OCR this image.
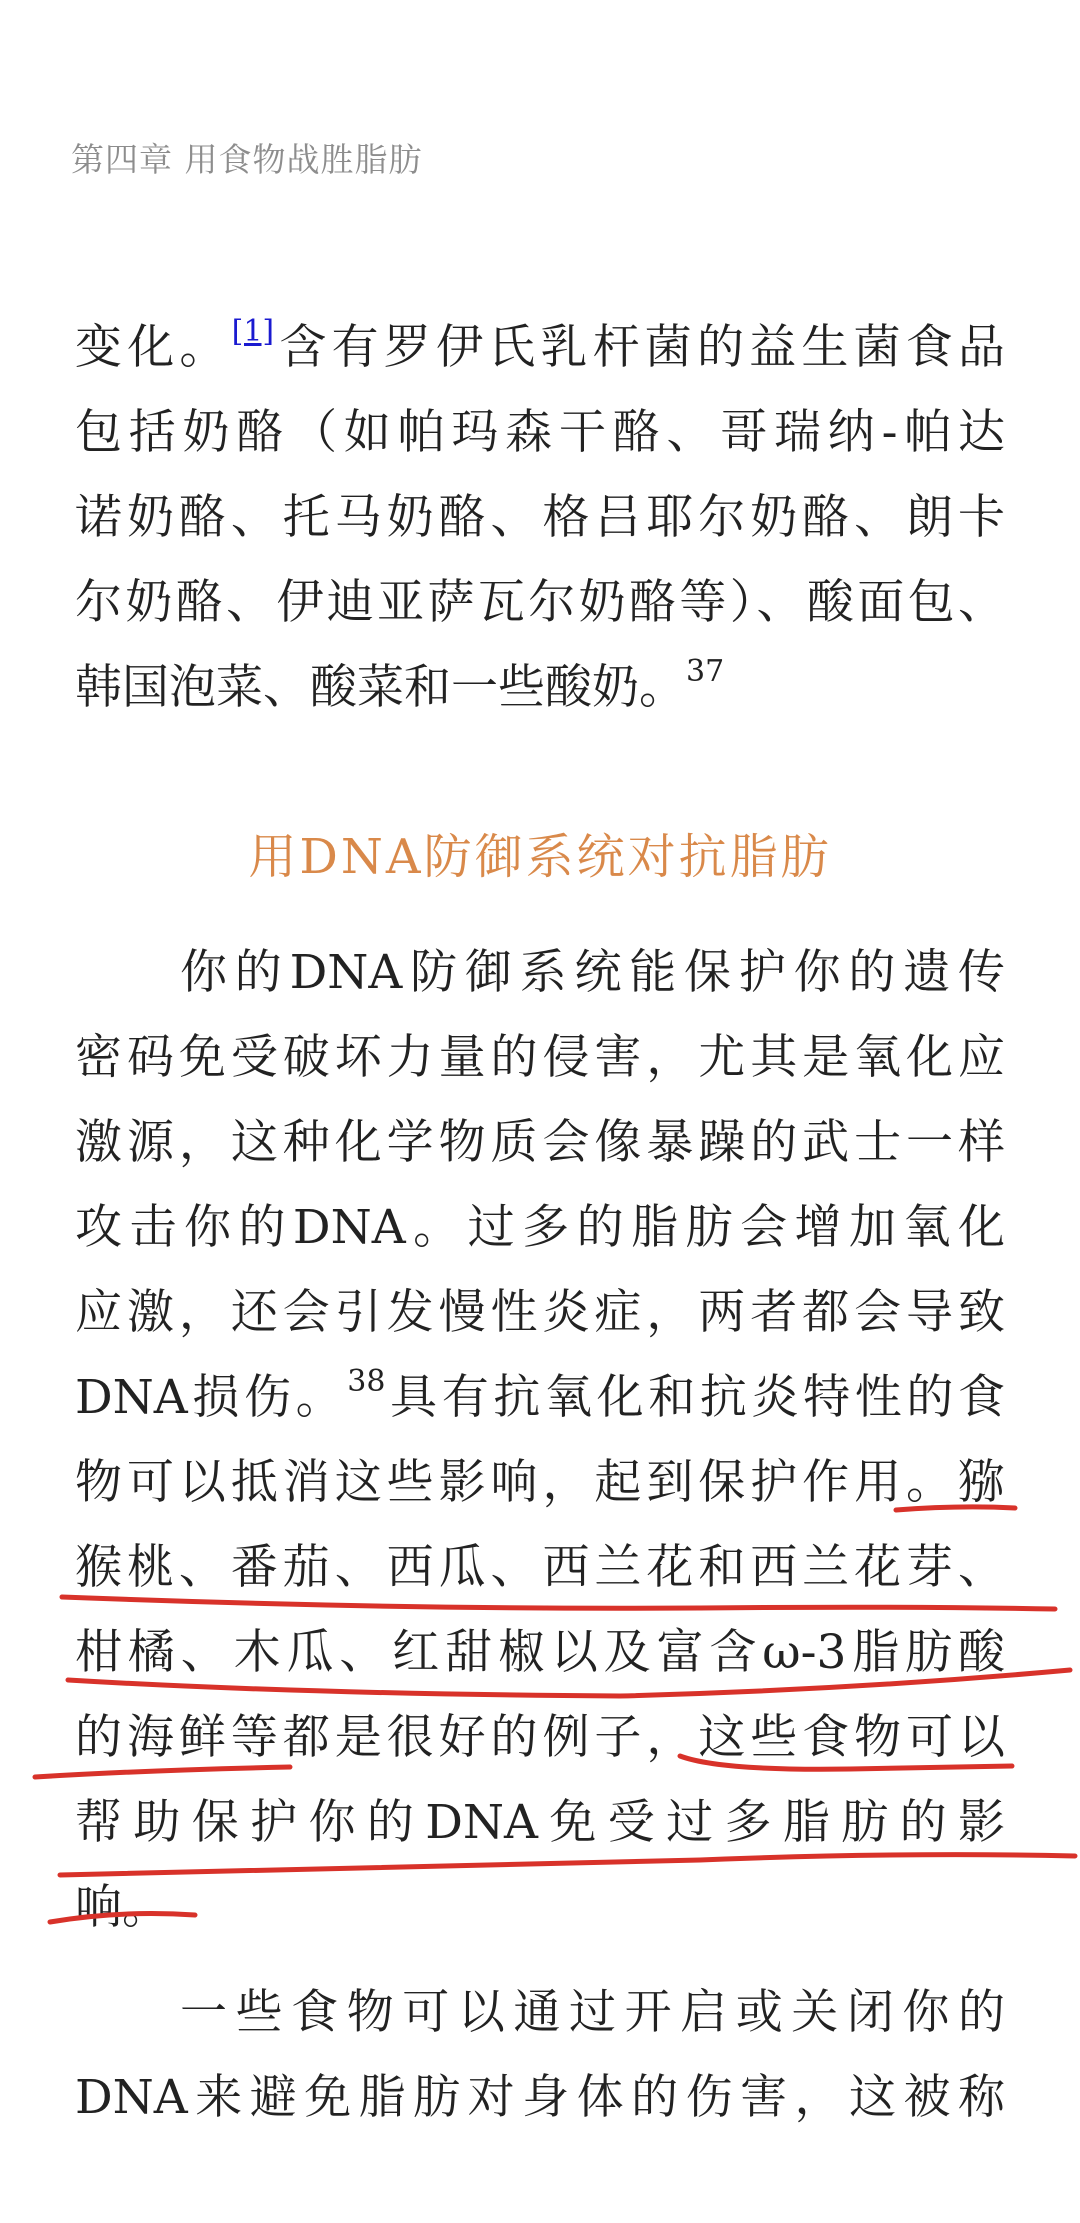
第四章 用食物战胜脂肪
变化。[1]含有罗伊氏乳杆菌的益生菌食品
包括奶酪（如帕玛森干酪、哥瑞纳-帕达
诺奶酪、托马奶酪、格吕耶尔奶酪、朗卡
尔奶酪、伊迪亚萨瓦尔奶酪等）、酸面包、
韩国泡菜、酸菜和一些酸奶。$^{37}$
用DNA防御系统对抗脂肪
你的DNA防御系统能保护你的遗传
密码免受破坏力量的侵害，尤其是氧化应
激源，这种化学物质会像暴躁的武士一样
攻击你的DNA。过多的脂肪会增加氧化
应激，还会引发慢性炎症，两者都会导致
DNA损伤。$^{38}$具有抗氧化和抗炎特性的食
物可以抵消这些影响，起到保护作用。猕
猴桃、番茄、西瓜、西兰花和西兰花芽、
柑橘、木瓜、红甜椒以及富含ω-3脂肪酸
的海鲜等都是很好的例子，这些食物可以
帮助保护你的DNA免受过多脂肪的影
响。
一些食物可以通过开启或关闭你的
DNA来避免脂肪对身体的伤害，这被称
